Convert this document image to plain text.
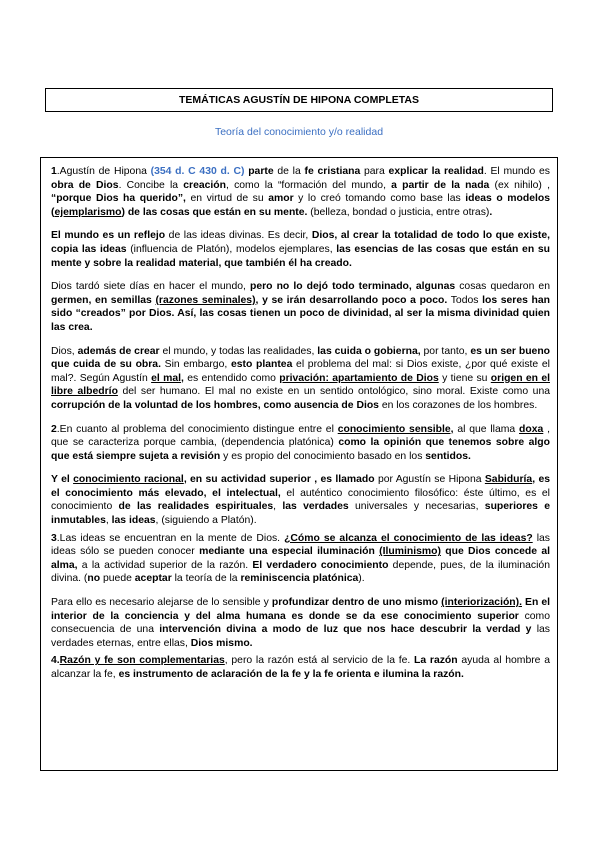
TEMÁTICAS AGUSTÍN DE HIPONA COMPLETAS
Teoría del conocimiento y/o realidad

1.Agustín de Hipona (354 d. C 430 d. C) parte de la fe cristiana para explicar la realidad. El mundo es obra de Dios. Concibe la creación, como la “formación del mundo, a partir de la nada (ex nihilo) , “porque Dios ha querido”, en virtud de su amor y lo creó tomando como base las ideas o modelos (ejemplarismo) de las cosas que están en su mente. (belleza, bondad o justicia, entre otras).

El mundo es un reflejo de las ideas divinas. Es decir, Dios, al crear la totalidad de todo lo que existe, copia las ideas (influencia de Platón), modelos ejemplares, las esencias de las cosas que están en su mente y sobre la realidad material, que también él ha creado.

Dios tardó siete días en hacer el mundo, pero no lo dejó todo terminado, algunas cosas quedaron en germen, en semillas (razones seminales), y se irán desarrollando poco a poco. Todos los seres han sido “creados” por Dios. Así, las cosas tienen un poco de divinidad, al ser la misma divinidad quien las crea.

Dios, además de crear el mundo, y todas las realidades, las cuida o gobierna, por tanto, es un ser bueno que cuida de su obra. Sin embargo, esto plantea el problema del mal: si Dios existe, ¿por qué existe el mal?. Según Agustín el mal, es entendido como privación: apartamiento de Dios y tiene su origen en el libre albedrío del ser humano. El mal no existe en un sentido ontológico, sino moral. Existe como una corrupción de la voluntad de los hombres, como ausencia de Dios en los corazones de los hombres.

2.En cuanto al problema del conocimiento distingue entre el conocimiento sensible, al que llama doxa , que se caracteriza porque cambia, (dependencia platónica) como la opinión que tenemos sobre algo que está siempre sujeta a revisión y es propio del conocimiento basado en los sentidos.

Y el conocimiento racional, en su actividad superior , es llamado por Agustín se Hipona Sabiduría, es el conocimiento más elevado, el intelectual, el auténtico conocimiento filosófico: éste último, es el conocimiento de las realidades espirituales, las verdades universales y necesarias, superiores e inmutables, las ideas, (siguiendo a Platón).

3.Las ideas se encuentran en la mente de Dios. ¿Cómo se alcanza el conocimiento de las ideas? las ideas sólo se pueden conocer mediante una especial iluminación (Iluminismo) que Dios concede al alma, a la actividad superior de la razón. El verdadero conocimiento depende, pues, de la iluminación divina. (no puede aceptar la teoría de la reminiscencia platónica).

Para ello es necesario alejarse de lo sensible y profundizar dentro de uno mismo (interiorización). En el interior de la conciencia y del alma humana es donde se da ese conocimiento superior como consecuencia de una intervención divina a modo de luz que nos hace descubrir la verdad y las verdades eternas, entre ellas, Dios mismo.

4.Razón y fe son complementarias, pero la razón está al servicio de la fe. La razón ayuda al hombre a alcanzar la fe, es instrumento de aclaración de la fe y la fe orienta e ilumina la razón.
